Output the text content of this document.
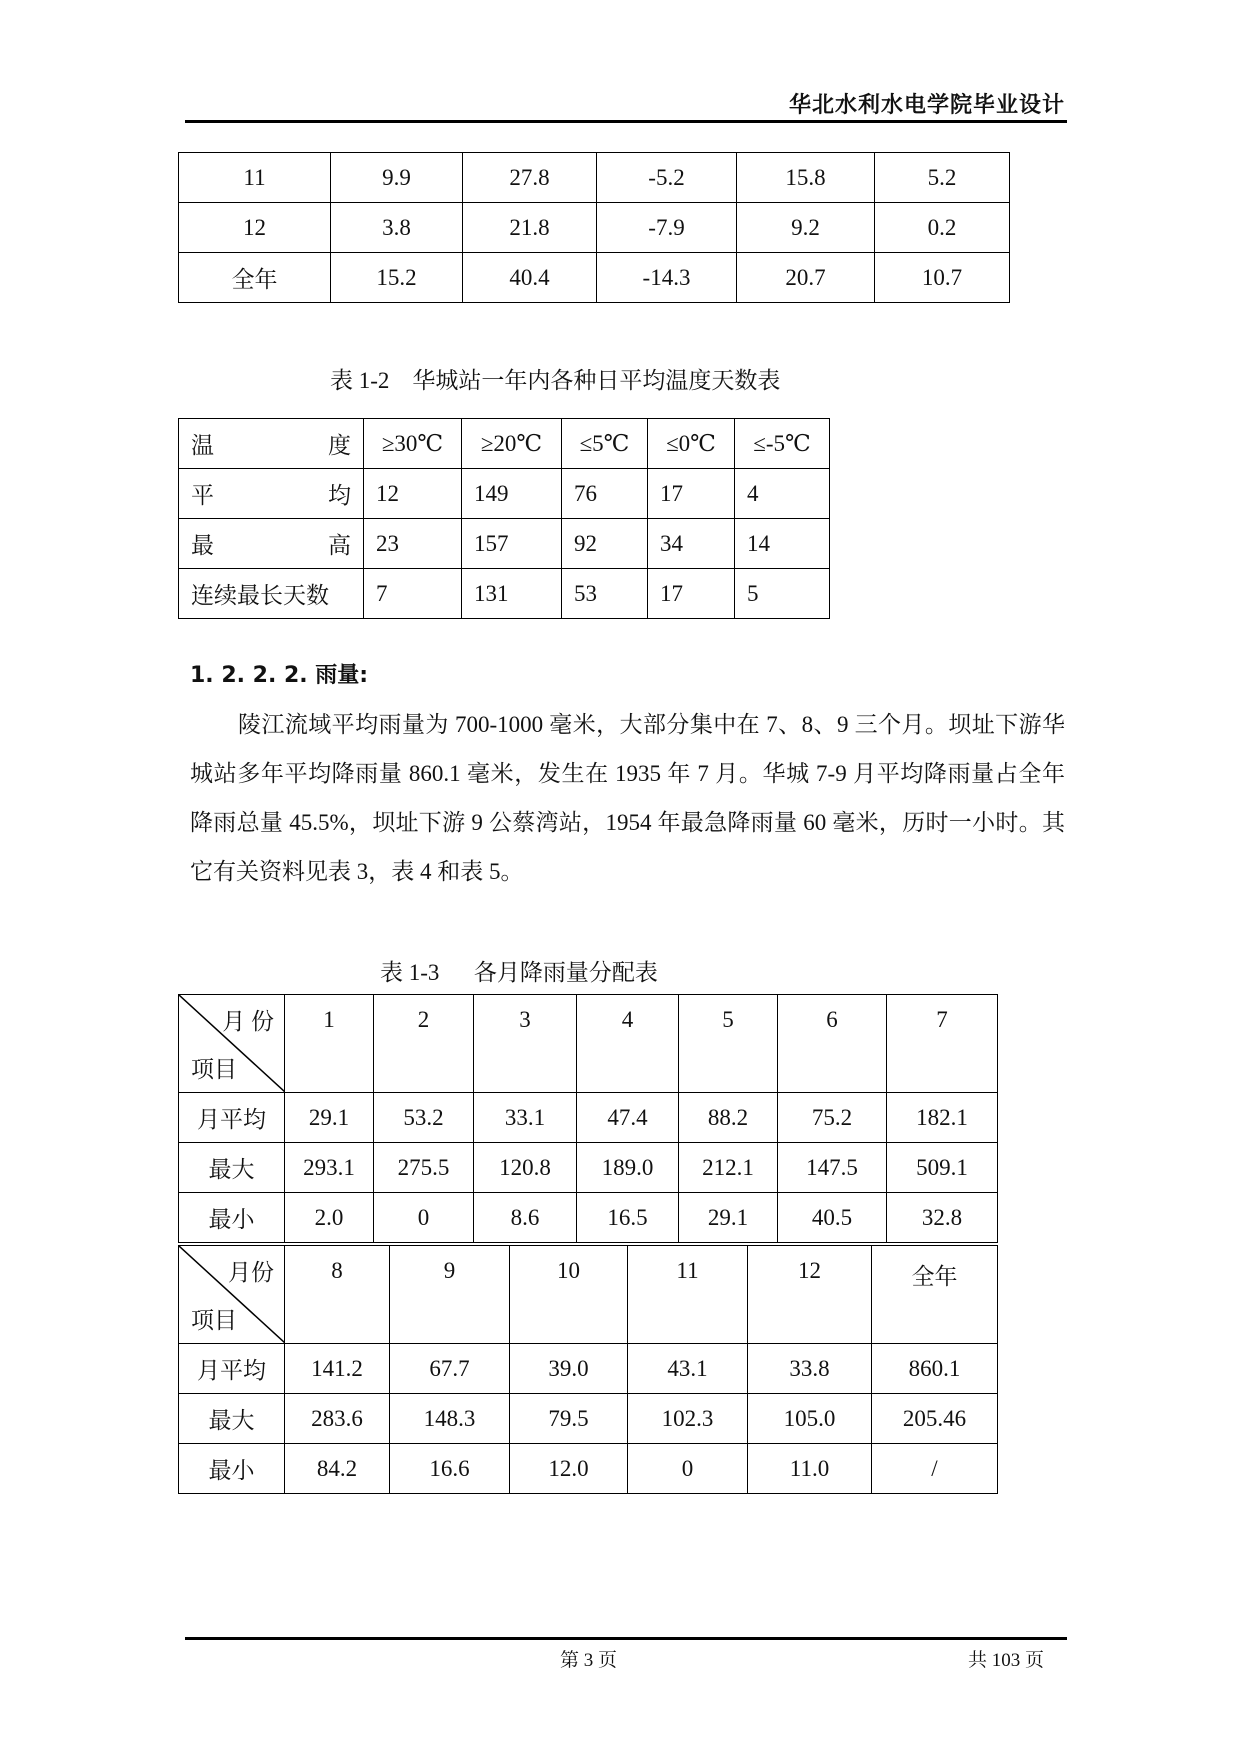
华北水利水电学院毕业设计
11	9.9	27.8	-5.2	15.8	5.2
12	3.8	21.8	-7.9	9.2	0.2
全年	15.2	40.4	-14.3	20.7	10.7
表 1-2    华城站一年内各种日平均温度天数表
温 度	≥30℃	≥20℃	≤5℃	≤0℃	≤-5℃

平 均	12	149	76	17	4

最 高	23	157	92	34	14
连续最长天数	7	131	53	17	5
1. 2. 2. 2. 雨量:

陵江流域平均雨量为 700-1000 毫米，大部分集中在 7、8、9 三个月。坝址下游华城站多年平均降雨量 860.1 毫米，发生在 1935 年 7 月。华城 7-9 月平均降雨量占全年降雨总量 45.5%，坝址下游 9 公蔡湾站，1954 年最急降雨量 60 毫米，历时一小时。其它有关资料见表 3，表 4 和表 5。

表 1-3      各月降雨量分配表
月 份
项目	1	2	3	4	5	6	7
月平均	29.1	53.2	33.1	47.4	88.2	75.2	182.1
最大	293.1	275.5	120.8	189.0	212.1	147.5	509.1
最小	2.0	0	8.6	16.5	29.1	40.5	32.8
月份
项目	8	9	10	11	12	全年
月平均	141.2	67.7	39.0	43.1	33.8	860.1
最大	283.6	148.3	79.5	102.3	105.0	205.46
最小	84.2	16.6	12.0	0	11.0	/
第 3 页	共 103 页
